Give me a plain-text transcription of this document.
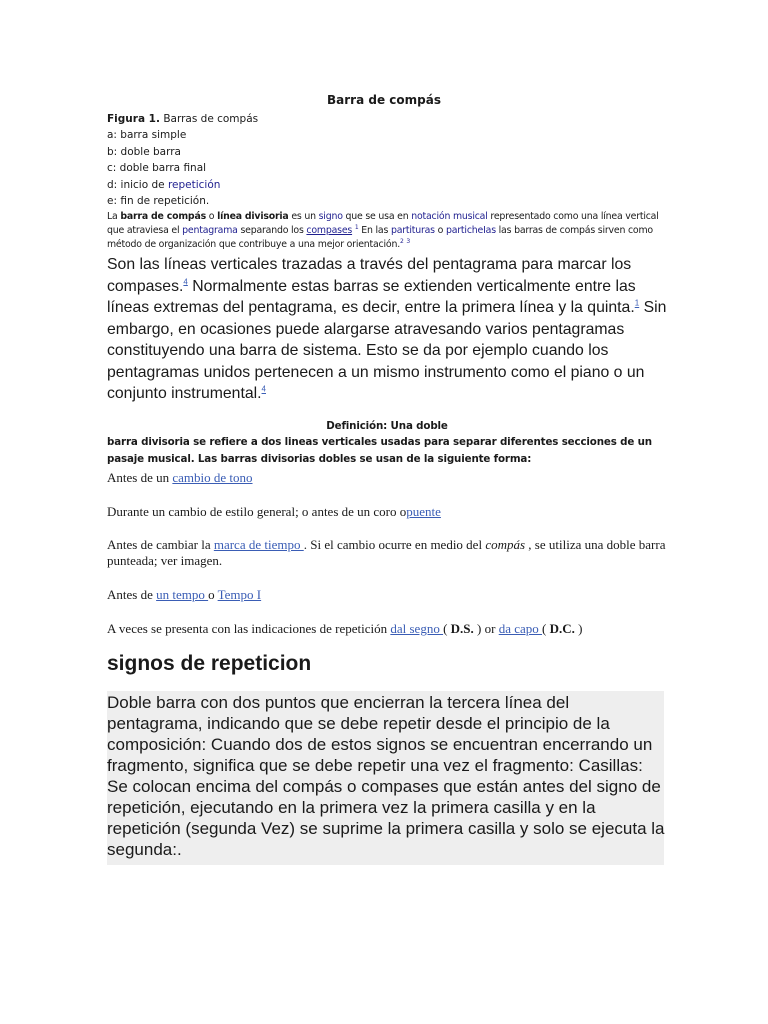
Barra de compás
Figura 1. Barras de compás
a: barra simple
b: doble barra
c: doble barra final
d: inicio de repetición
e: fin de repetición.
La barra de compás o línea divisoria es un signo que se usa en notación musical representado como una línea vertical que atraviesa el pentagrama separando los compases $^1$ En las partituras o particheIas las barras de compás sirven como método de organización que contribuye a una mejor orientación.$^2$ $^3$
Son las líneas verticales trazadas a través del pentagrama para marcar los compases.$^4$ Normalmente estas barras se extienden verticalmente entre las líneas extremas del pentagrama, es decir, entre la primera línea y la quinta.$^1$ Sin embargo, en ocasiones puede alargarse atravesando varios pentagramas constituyendo una barra de sistema. Esto se da por ejemplo cuando los pentagramas unidos pertenecen a un mismo instrumento como el piano o un conjunto instrumental.$^4$
Definición: Una doble
barra divisoria se refiere a dos lineas verticales usadas para separar diferentes secciones de un pasaje musical. Las barras divisorias dobles se usan de la siguiente forma:
Antes de un cambio de tono
Durante un cambio de estilo general; o antes de un coro opuente
Antes de cambiar la marca de tiempo . Si el cambio ocurre en medio del compás , se utiliza una doble barra punteada; ver imagen.
Antes de un tempo o Tempo I
A veces se presenta con las indicaciones de repetición dal segno ( D.S. ) or da capo ( D.C. )
signos de repeticion
Doble barra con dos puntos que encierran la tercera línea del pentagrama, indicando que se debe repetir desde el principio de la composición: Cuando dos de estos signos se encuentran encerrando un fragmento, significa que se debe repetir una vez el fragmento: Casillas: Se colocan encima del compás o compases que están antes del signo de repetición, ejecutando en la primera vez la primera casilla y en la repetición (segunda Vez) se suprime la primera casilla y solo se ejecuta la segunda:.
